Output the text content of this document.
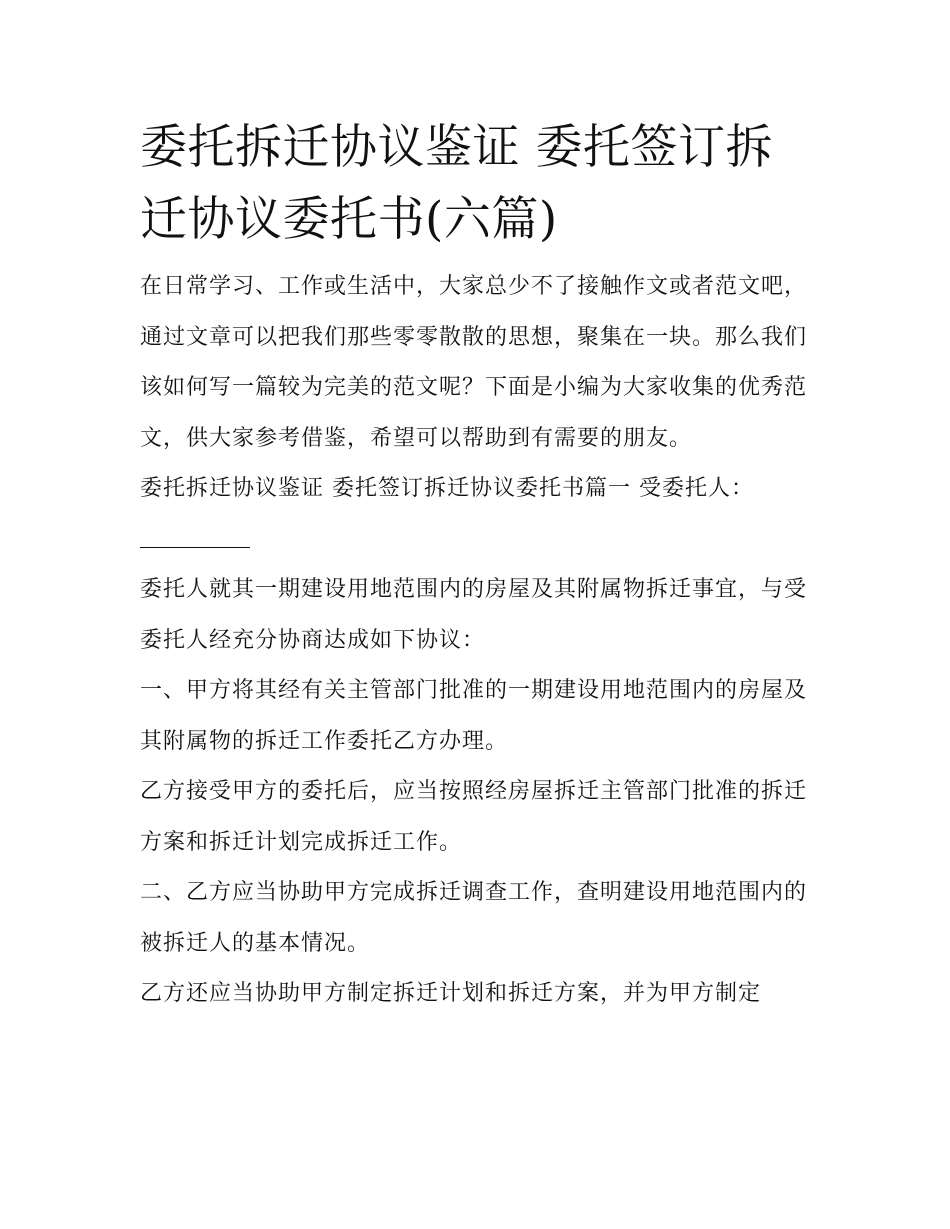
委托拆迁协议鉴证 委托签订拆迁协议委托书(六篇)

在日常学习、工作或生活中，大家总少不了接触作文或者范文吧，通过文章可以把我们那些零零散散的思想，聚集在一块。那么我们该如何写一篇较为完美的范文呢？下面是小编为大家收集的优秀范文，供大家参考借鉴，希望可以帮助到有需要的朋友。

委托拆迁协议鉴证 委托签订拆迁协议委托书篇一 受委托人：

委托人就其一期建设用地范围内的房屋及其附属物拆迁事宜，与受委托人经充分协商达成如下协议：

一、甲方将其经有关主管部门批准的一期建设用地范围内的房屋及其附属物的拆迁工作委托乙方办理。

乙方接受甲方的委托后，应当按照经房屋拆迁主管部门批准的拆迁方案和拆迁计划完成拆迁工作。

二、乙方应当协助甲方完成拆迁调查工作，查明建设用地范围内的被拆迁人的基本情况。

乙方还应当协助甲方制定拆迁计划和拆迁方案，并为甲方制定
